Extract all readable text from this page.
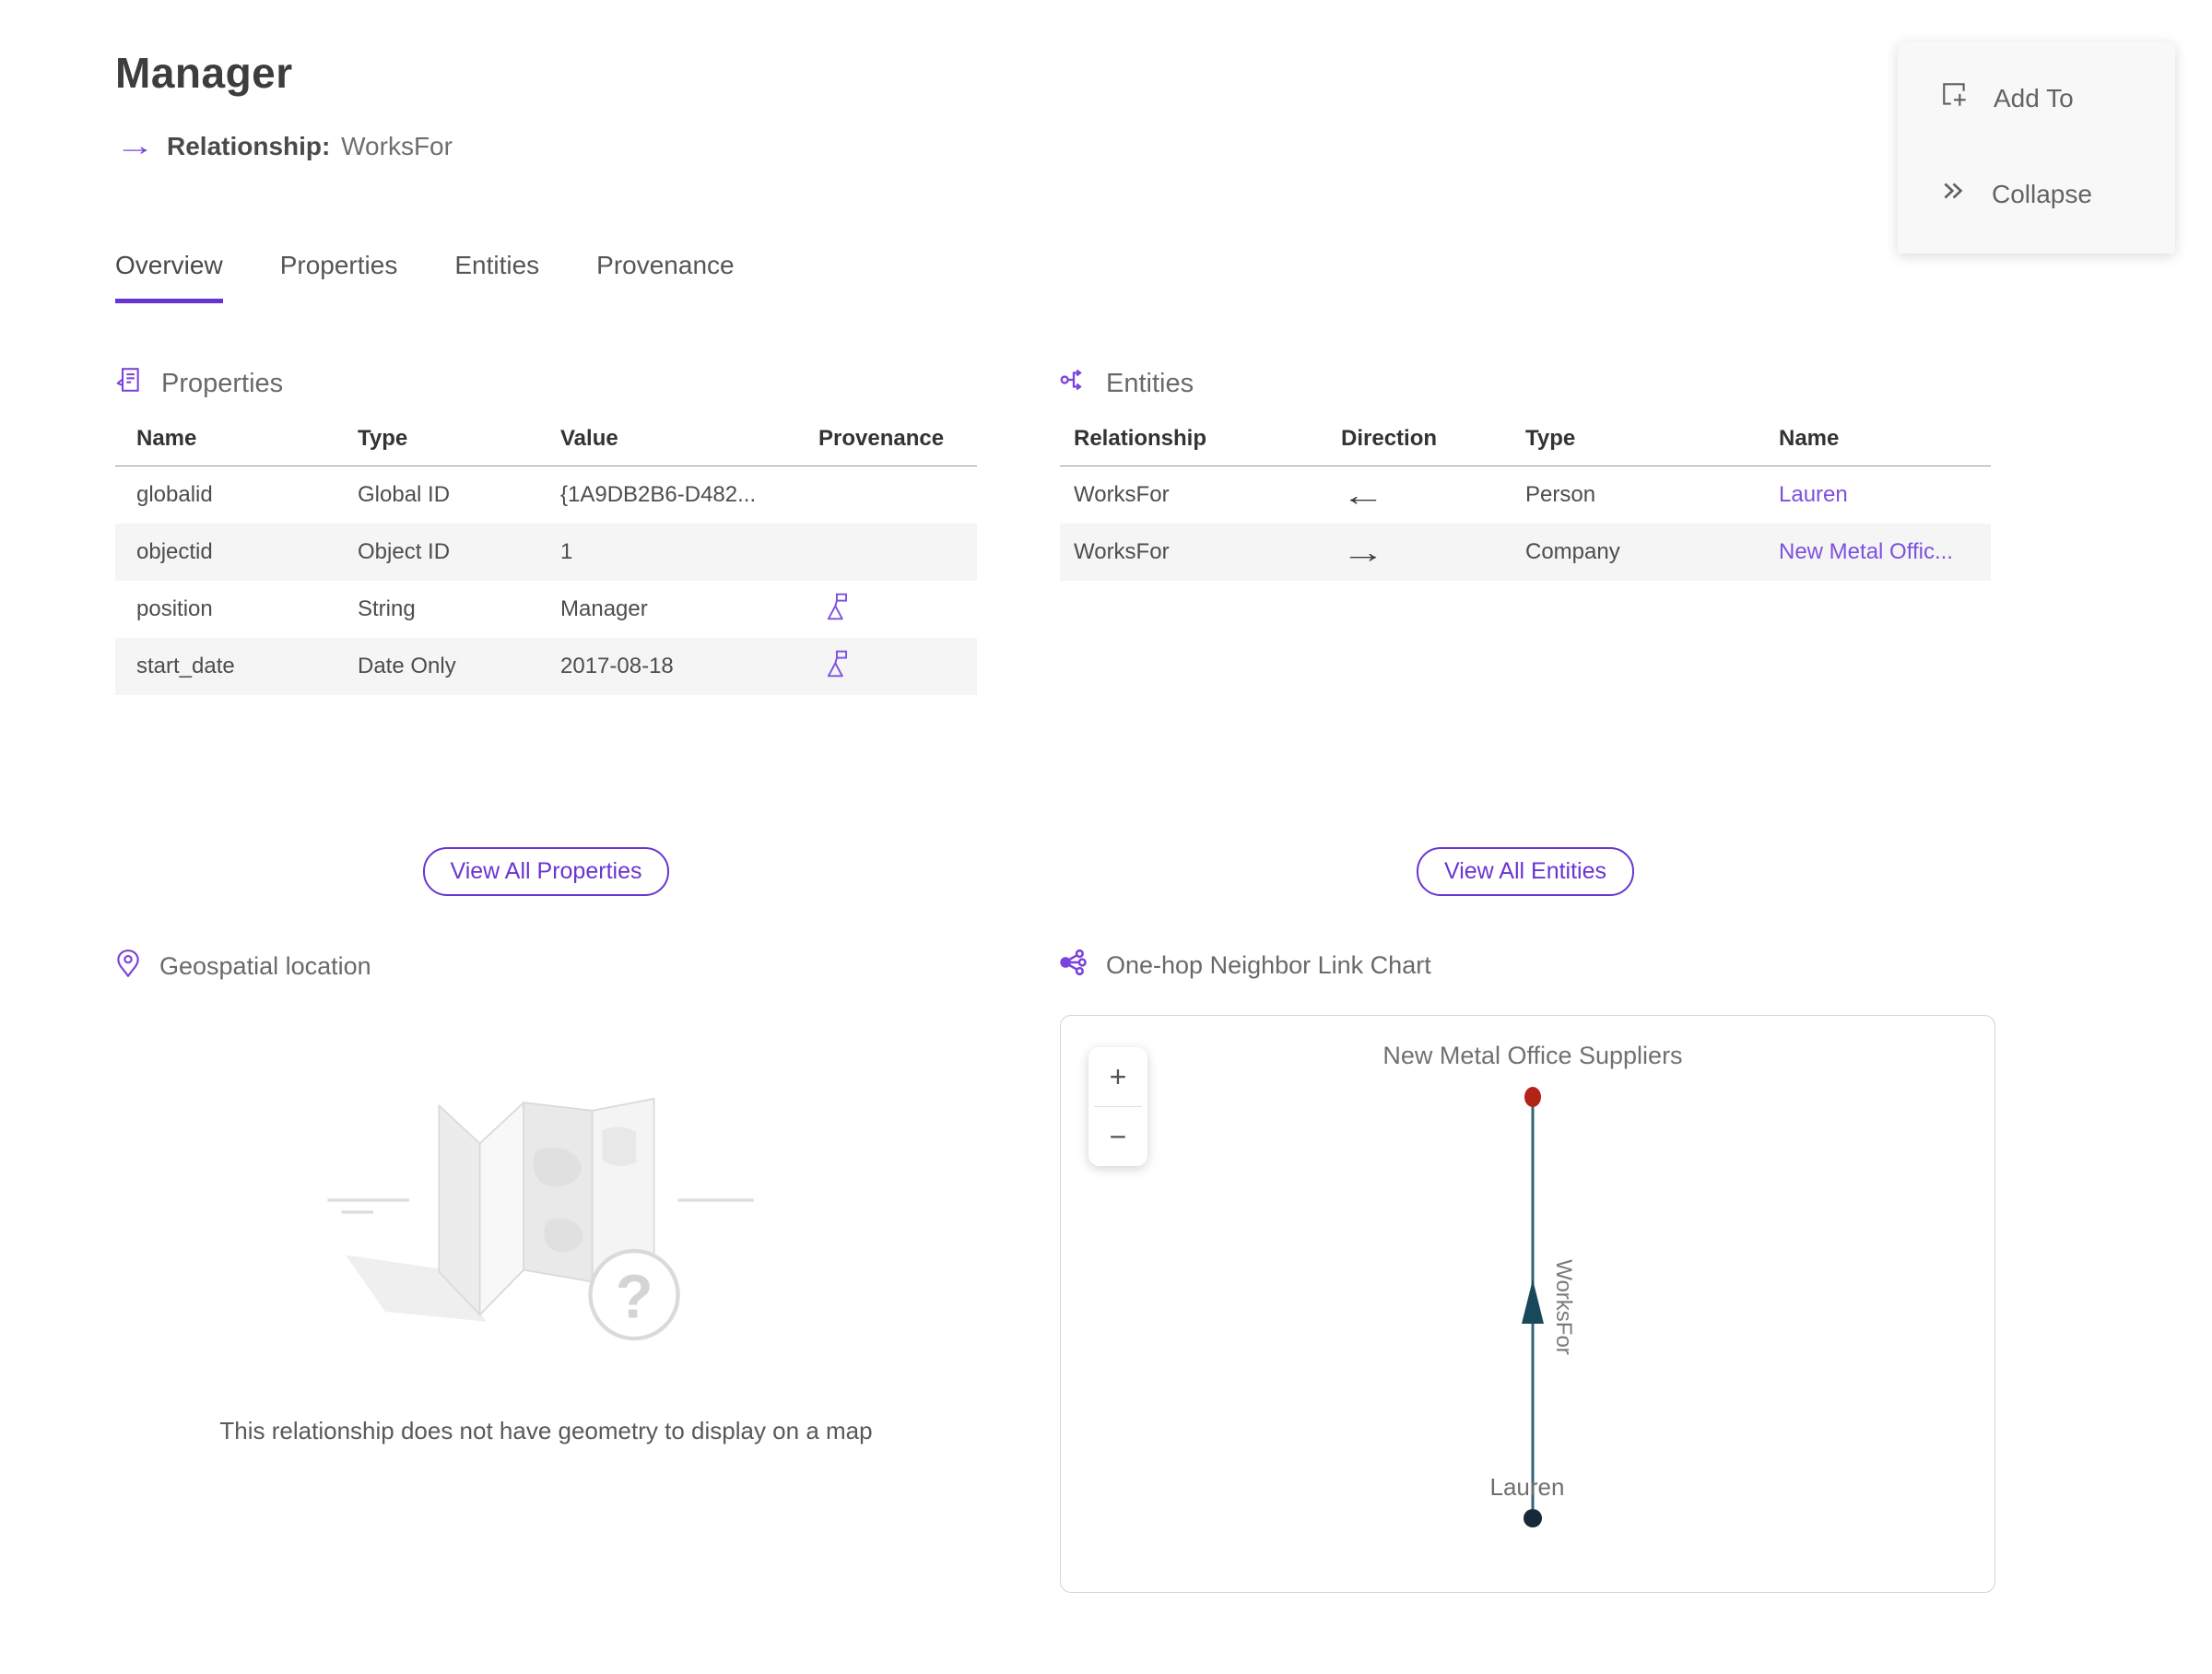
Manager
→ Relationship: WorksFor
Overview Properties Entities Provenance
Properties	Entities
Name	Type	Value	Provenance
globalid	Global ID	{1A9DB2B6-D482...
objectid	Object ID	1
position	String	Manager
start_date	Date Only	2017-08-18
Relationship	Direction	Type	Name
WorksFor	←	Person	Lauren
WorksFor	→	Company	New Metal Offic...
View All Properties	View All Entities
Geospatial location	One-hop Neighbor Link Chart
?
This relationship does not have geometry to display on a map
+
−
WorksFor
New Metal Office Suppliers
Lauren
Add To
Collapse
